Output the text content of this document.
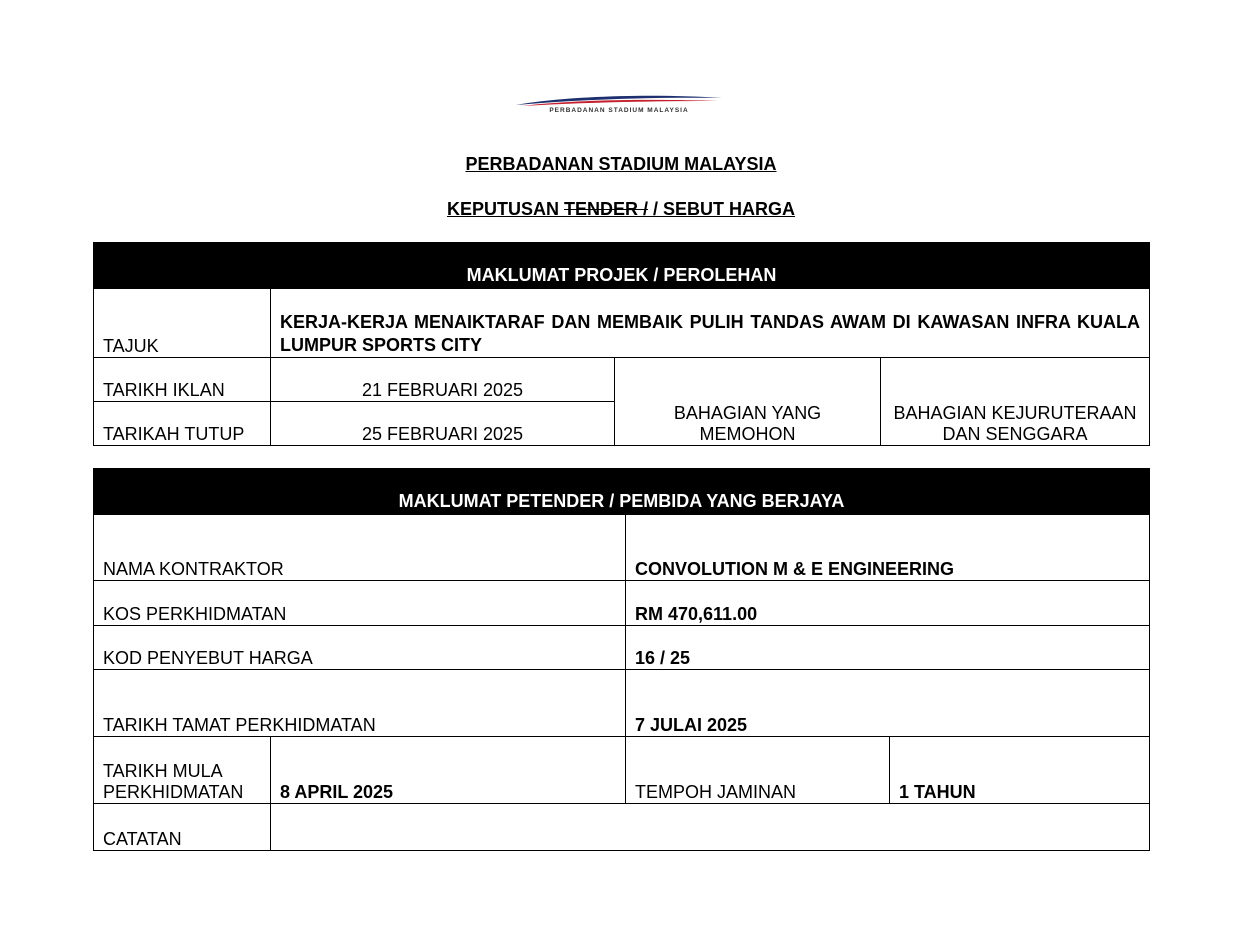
PERBADANAN STADIUM MALAYSIA
PERBADANAN STADIUM MALAYSIA
KEPUTUSAN TENDER / / SEBUT HARGA
MAKLUMAT PROJEK / PEROLEHAN			
TAJUK	KERJA-KERJA MENAIKTARAF DAN MEMBAIK PULIH TANDAS AWAM DI KAWASAN INFRA KUALA LUMPUR SPORTS CITY		
TARIKH IKLAN	21 FEBRUARI 2025	BAHAGIAN YANG MEMOHON	BAHAGIAN KEJURUTERAAN DAN SENGGARA
TARIKAH TUTUP	25 FEBRUARI 2025		
MAKLUMAT PETENDER / PEMBIDA YANG BERJAYA			
NAMA KONTRAKTOR		CONVOLUTION M & E ENGINEERING	
KOS PERKHIDMATAN		RM 470,611.00	
KOD PENYEBUT HARGA		16 / 25	
TARIKH TAMAT PERKHIDMATAN		7 JULAI 2025	
TARIKH MULA PERKHIDMATAN	8 APRIL 2025	TEMPOH JAMINAN	1 TAHUN
CATATAN			
